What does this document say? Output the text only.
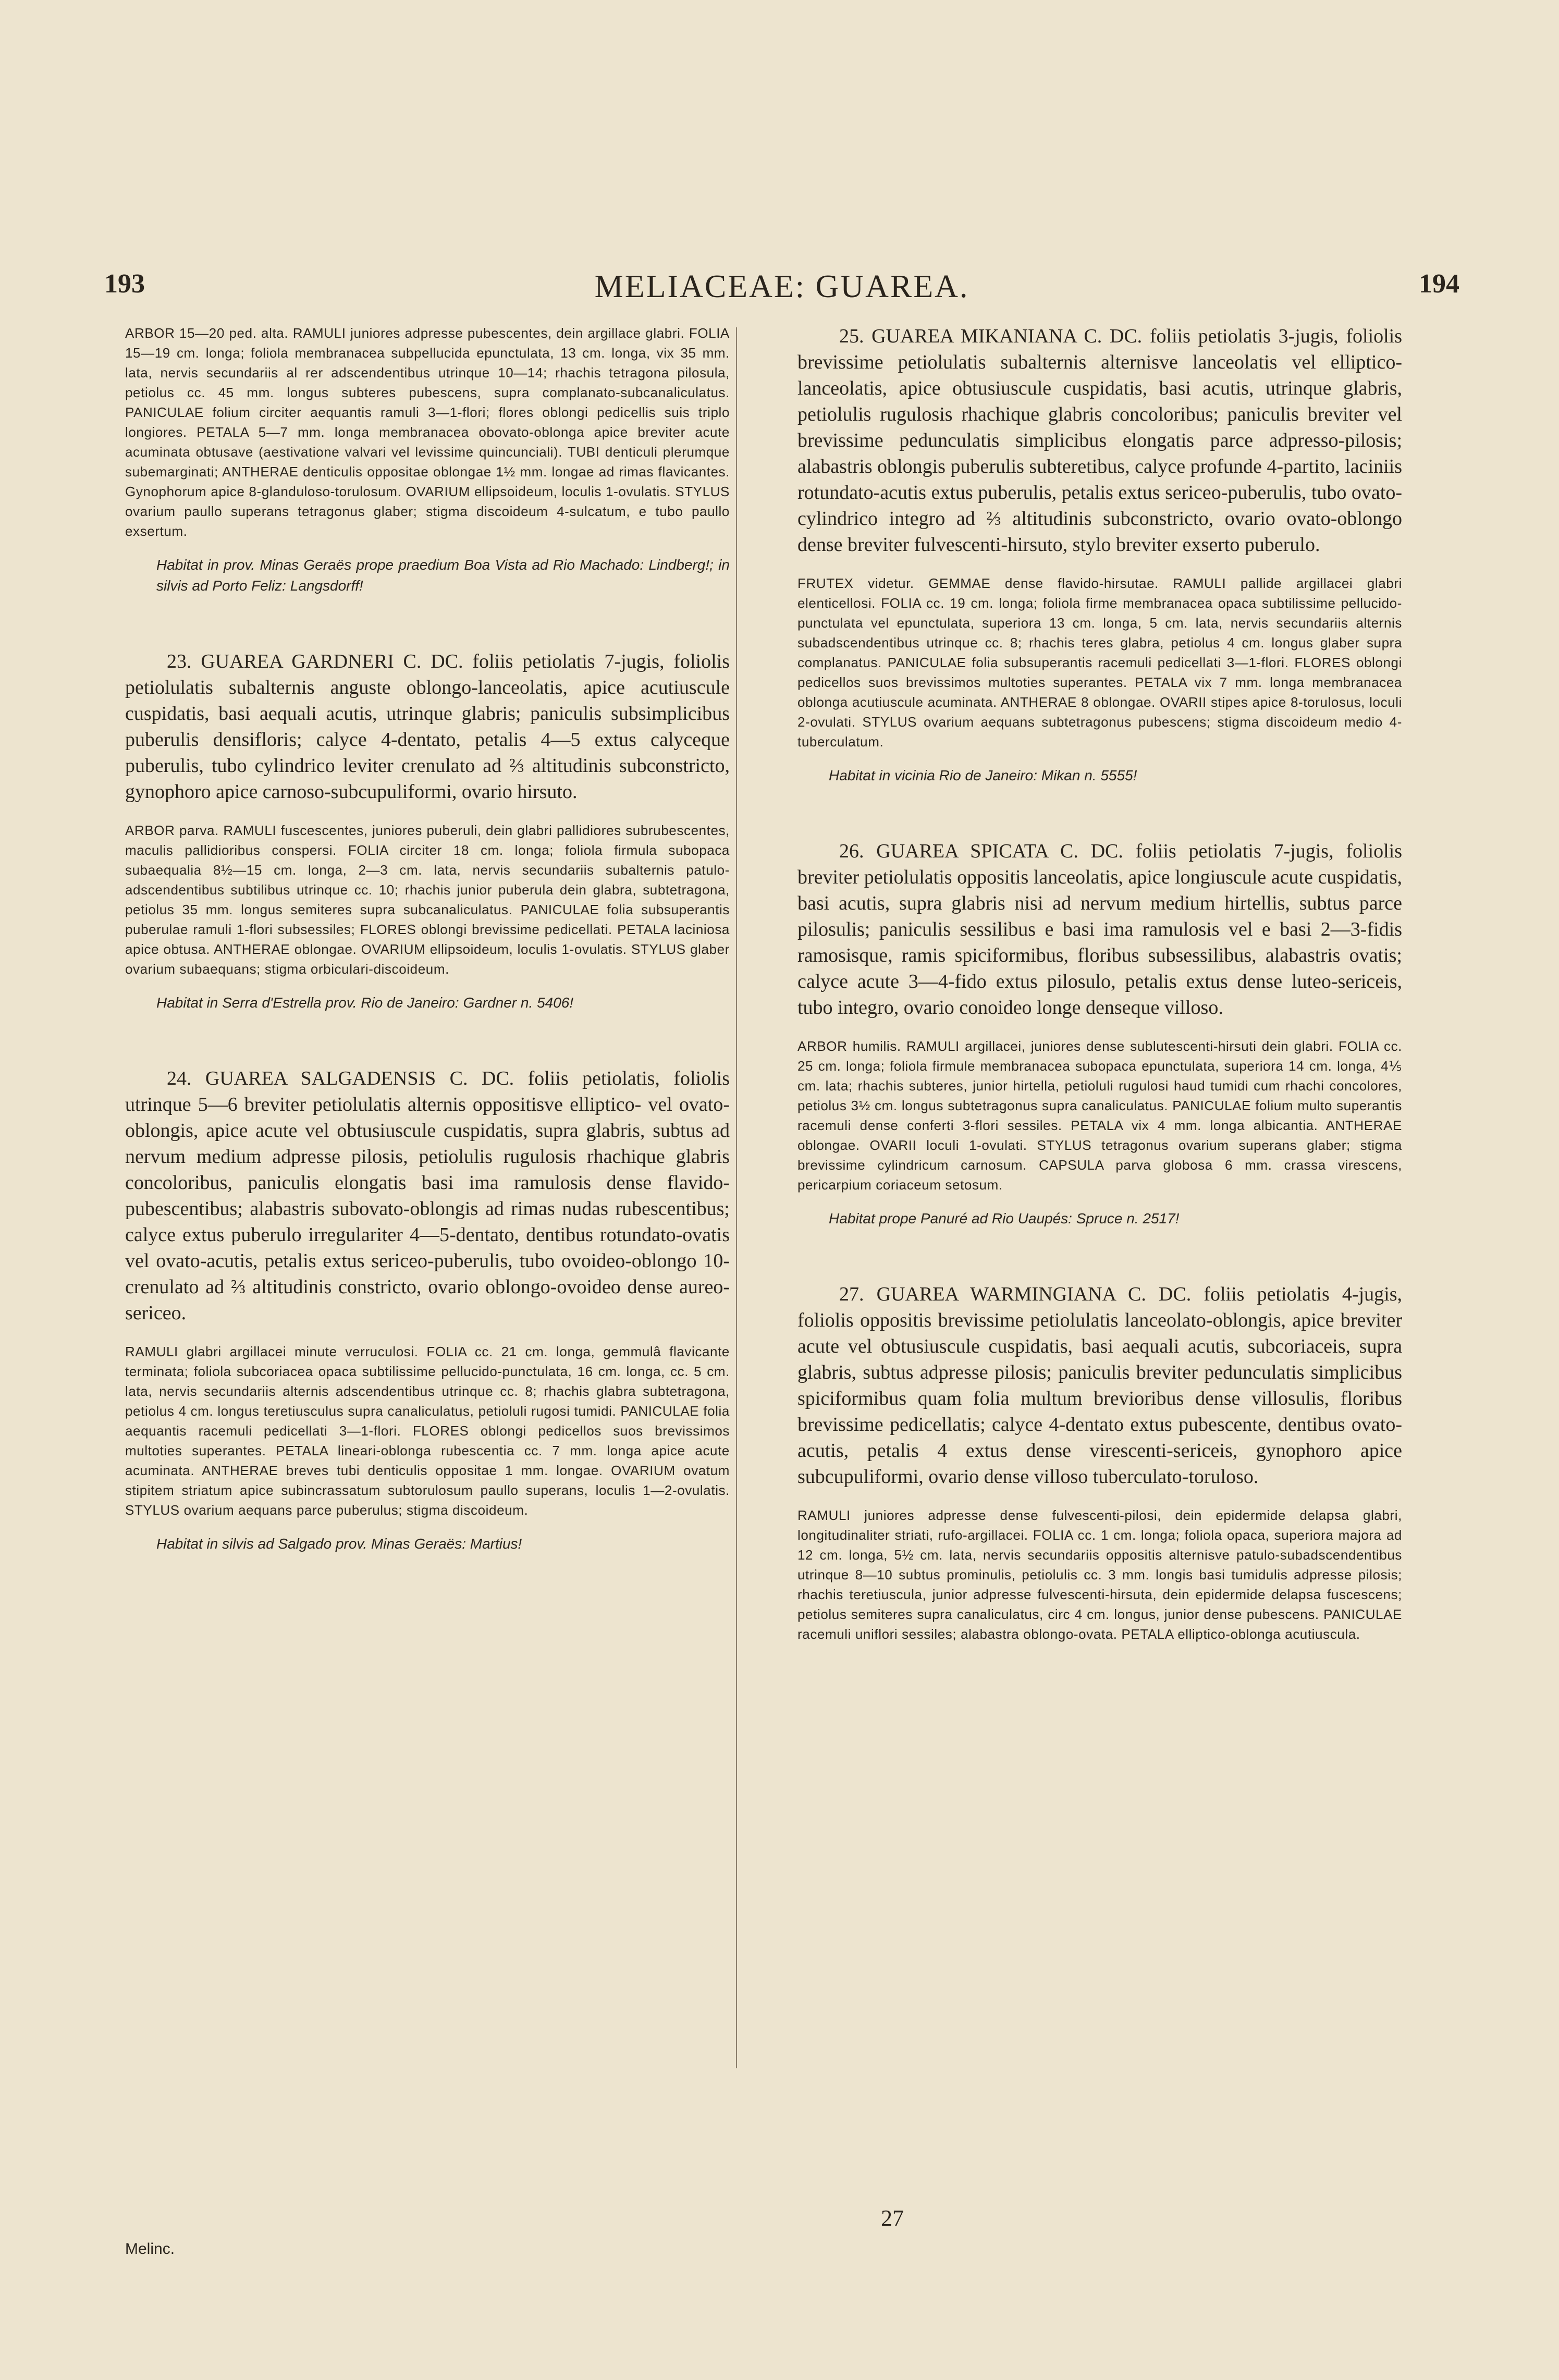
193	MELIACEAE: GUAREA.	194

ARBOR 15—20 ped. alta. RAMULI juniores adpresse pubescentes, dein argillace glabri. FOLIA 15—19 cm. longa; foliola membranacea subpellucida epunctulata, 13 cm. longa, vix 35 mm. lata, nervis secundariis al rer adscendentibus utrinque 10—14; rhachis tetragona pilosula, petiolus cc. 45 mm. longus subteres pubescens, supra complanato-subcanaliculatus. PANICULAE folium circiter aequantis ramuli 3—1-flori; flores oblongi pedicellis suis triplo longiores. PETALA 5—7 mm. longa membranacea obovato-oblonga apice breviter acute acuminata obtusave (aestivatione valvari vel levissime quincunciali). TUBI denticuli plerumque subemarginati; ANTHERAE denticulis oppositae oblongae 1½ mm. longae ad rimas flavicantes. Gynophorum apice 8-glanduloso-torulosum. OVARIUM ellipsoideum, loculis 1-ovulatis. STYLUS ovarium paullo superans tetragonus glaber; stigma discoideum 4-sulcatum, e tubo paullo exsertum.

Habitat in prov. Minas Geraës prope praedium Boa Vista ad Rio Machado: Lindberg!; in silvis ad Porto Feliz: Langsdorff!

23. GUAREA GARDNERI C. DC. foliis petiolatis 7-jugis, foliolis petiolulatis subalternis anguste oblongo-lanceolatis, apice acutiuscule cuspidatis, basi aequali acutis, utrinque glabris; paniculis subsimplicibus puberulis densifloris; calyce 4-dentato, petalis 4—5 extus calyceque puberulis, tubo cylindrico leviter crenulato ad ⅔ altitudinis subconstricto, gynophoro apice carnoso-subcupuliformi, ovario hirsuto.

ARBOR parva. RAMULI fuscescentes, juniores puberuli, dein glabri pallidiores subrubescentes, maculis pallidioribus conspersi. FOLIA circiter 18 cm. longa; foliola firmula subopaca subaequalia 8½—15 cm. longa, 2—3 cm. lata, nervis secundariis subalternis patulo-adscendentibus subtilibus utrinque cc. 10; rhachis junior puberula dein glabra, subtetragona, petiolus 35 mm. longus semiteres supra subcanaliculatus. PANICULAE folia subsuperantis puberulae ramuli 1-flori subsessiles; FLORES oblongi brevissime pedicellati. PETALA laciniosa apice obtusa. ANTHERAE oblongae. OVARIUM ellipsoideum, loculis 1-ovulatis. STYLUS glaber ovarium subaequans; stigma orbiculari-discoideum.

Habitat in Serra d'Estrella prov. Rio de Janeiro: Gardner n. 5406!

24. GUAREA SALGADENSIS C. DC. foliis petiolatis, foliolis utrinque 5—6 breviter petiolulatis alternis oppositisve elliptico- vel ovato-oblongis, apice acute vel obtusiuscule cuspidatis, supra glabris, subtus ad nervum medium adpresse pilosis, petiolulis rugulosis rhachique glabris concoloribus, paniculis elongatis basi ima ramulosis dense flavido-pubescentibus; alabastris subovato-oblongis ad rimas nudas rubescentibus; calyce extus puberulo irregulariter 4—5-dentato, dentibus rotundato-ovatis vel ovato-acutis, petalis extus sericeo-puberulis, tubo ovoideo-oblongo 10-crenulato ad ⅔ altitudinis constricto, ovario oblongo-ovoideo dense aureo-sericeo.

RAMULI glabri argillacei minute verruculosi. FOLIA cc. 21 cm. longa, gemmulâ flavicante terminata; foliola subcoriacea opaca subtilissime pellucido-punctulata, 16 cm. longa, cc. 5 cm. lata, nervis secundariis alternis adscendentibus utrinque cc. 8; rhachis glabra subtetragona, petiolus 4 cm. longus teretiusculus supra canaliculatus, petioluli rugosi tumidi. PANICULAE folia aequantis racemuli pedicellati 3—1-flori. FLORES oblongi pedicellos suos brevissimos multoties superantes. PETALA lineari-oblonga rubescentia cc. 7 mm. longa apice acute acuminata. ANTHERAE breves tubi denticulis oppositae 1 mm. longae. OVARIUM ovatum stipitem striatum apice subincrassatum subtorulosum paullo superans, loculis 1—2-ovulatis. STYLUS ovarium aequans parce puberulus; stigma discoideum.

Habitat in silvis ad Salgado prov. Minas Geraës: Martius!

Melinc.

25. GUAREA MIKANIANA C. DC. foliis petiolatis 3-jugis, foliolis brevissime petiolulatis subalternis alternisve lanceolatis vel elliptico-lanceolatis, apice obtusiuscule cuspidatis, basi acutis, utrinque glabris, petiolulis rugulosis rhachique glabris concoloribus; paniculis breviter vel brevissime pedunculatis simplicibus elongatis parce adpresso-pilosis; alabastris oblongis puberulis subteretibus, calyce profunde 4-partito, laciniis rotundato-acutis extus puberulis, petalis extus sericeo-puberulis, tubo ovato-cylindrico integro ad ⅔ altitudinis subconstricto, ovario ovato-oblongo dense breviter fulvescenti-hirsuto, stylo breviter exserto puberulo.

FRUTEX videtur. GEMMAE dense flavido-hirsutae. RAMULI pallide argillacei glabri elenticellosi. FOLIA cc. 19 cm. longa; foliola firme membranacea opaca subtilissime pellucido-punctulata vel epunctulata, superiora 13 cm. longa, 5 cm. lata, nervis secundariis alternis subadscendentibus utrinque cc. 8; rhachis teres glabra, petiolus 4 cm. longus glaber supra complanatus. PANICULAE folia subsuperantis racemuli pedicellati 3—1-flori. FLORES oblongi pedicellos suos brevissimos multoties superantes. PETALA vix 7 mm. longa membranacea oblonga acutiuscule acuminata. ANTHERAE 8 oblongae. OVARII stipes apice 8-torulosus, loculi 2-ovulati. STYLUS ovarium aequans subtetragonus pubescens; stigma discoideum medio 4-tuberculatum.

Habitat in vicinia Rio de Janeiro: Mikan n. 5555!

26. GUAREA SPICATA C. DC. foliis petiolatis 7-jugis, foliolis breviter petiolulatis oppositis lanceolatis, apice longiuscule acute cuspidatis, basi acutis, supra glabris nisi ad nervum medium hirtellis, subtus parce pilosulis; paniculis sessilibus e basi ima ramulosis vel e basi 2—3-fidis ramosisque, ramis spiciformibus, floribus subsessilibus, alabastris ovatis; calyce acute 3—4-fido extus pilosulo, petalis extus dense luteo-sericeis, tubo integro, ovario conoideo longe denseque villoso.

ARBOR humilis. RAMULI argillacei, juniores dense sublutescenti-hirsuti dein glabri. FOLIA cc. 25 cm. longa; foliola firmule membranacea subopaca epunctulata, superiora 14 cm. longa, 4⅕ cm. lata; rhachis subteres, junior hirtella, petioluli rugulosi haud tumidi cum rhachi concolores, petiolus 3½ cm. longus subtetragonus supra canaliculatus. PANICULAE folium multo superantis racemuli dense conferti 3-flori sessiles. PETALA vix 4 mm. longa albicantia. ANTHERAE oblongae. OVARII loculi 1-ovulati. STYLUS tetragonus ovarium superans glaber; stigma brevissime cylindricum carnosum. CAPSULA parva globosa 6 mm. crassa virescens, pericarpium coriaceum setosum.

Habitat prope Panuré ad Rio Uaupés: Spruce n. 2517!

27. GUAREA WARMINGIANA C. DC. foliis petiolatis 4-jugis, foliolis oppositis brevissime petiolulatis lanceolato-oblongis, apice breviter acute vel obtusiuscule cuspidatis, basi aequali acutis, subcoriaceis, supra glabris, subtus adpresse pilosis; paniculis breviter pedunculatis simplicibus spiciformibus quam folia multum brevioribus dense villosulis, floribus brevissime pedicellatis; calyce 4-dentato extus pubescente, dentibus ovato-acutis, petalis 4 extus dense virescenti-sericeis, gynophoro apice subcupuliformi, ovario dense villoso tuberculato-toruloso.

RAMULI juniores adpresse dense fulvescenti-pilosi, dein epidermide delapsa glabri, longitudinaliter striati, rufo-argillacei. FOLIA cc. 1 cm. longa; foliola opaca, superiora majora ad 12 cm. longa, 5½ cm. lata, nervis secundariis oppositis alternisve patulo-subadscendentibus utrinque 8—10 subtus prominulis, petiolulis cc. 3 mm. longis basi tumidulis adpresse pilosis; rhachis teretiuscula, junior adpresse fulvescenti-hirsuta, dein epidermide delapsa fuscescens; petiolus semiteres supra canaliculatus, circ 4 cm. longus, junior dense pubescens. PANICULAE racemuli uniflori sessiles; alabastra oblongo-ovata. PETALA elliptico-oblonga acutiuscula.

27
